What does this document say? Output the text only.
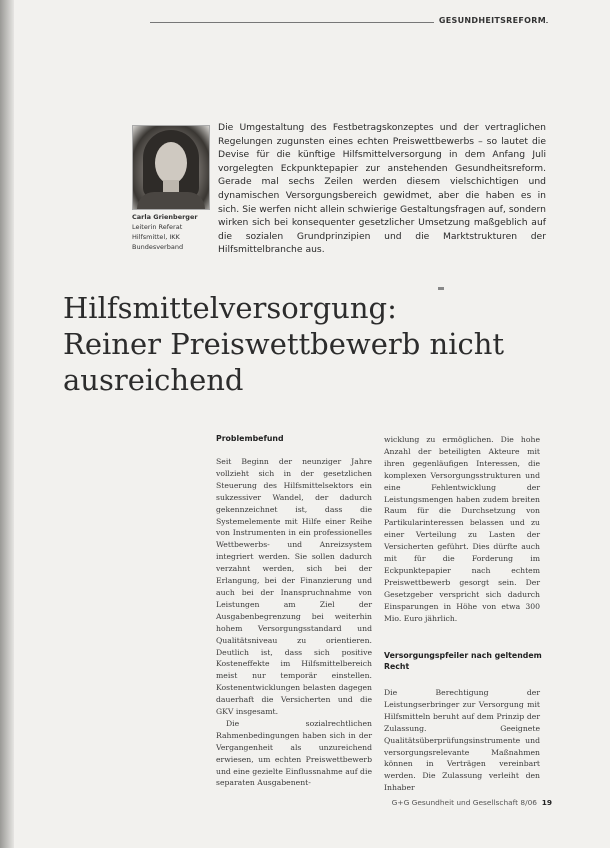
GESUNDHEITSREFORM
Carla Grienberger
Leiterin Referat
Hilfsmittel, IKK
Bundesverband
Die Umgestaltung des Festbetragskonzeptes und der vertraglichen Regelungen zugunsten eines echten Preiswettbewerbs – so lautet die Devise für die künftige Hilfsmittelversorgung in dem Anfang Juli vorgelegten Eckpunktepapier zur anstehenden Gesundheitsreform. Gerade mal sechs Zeilen werden diesem vielschichtigen und dynamischen Versorgungsbereich gewidmet, aber die haben es in sich. Sie werfen nicht allein schwierige Gestaltungsfragen auf, sondern wirken sich bei konsequenter gesetzlicher Umsetzung maßgeblich auf die sozialen Grundprinzipien und die Marktstrukturen der Hilfsmittelbranche aus.
Hilfsmittelversorgung:
Reiner Preiswettbewerb nicht
ausreichend
Problembefund

Seit Beginn der neunziger Jahre vollzieht sich in der gesetzlichen Steuerung des Hilfsmittelsektors ein sukzessiver Wandel, der dadurch gekennzeichnet ist, dass die Systemelemente mit Hilfe einer Reihe von Instrumenten in ein professionelles Wettbewerbs- und Anreizsystem integriert werden. Sie sollen dadurch verzahnt werden, sich bei der Erlangung, bei der Finanzierung und auch bei der Inanspruchnahme von Leistungen am Ziel der Ausgabenbegrenzung bei weiterhin hohem Versorgungsstandard und Qualitätsniveau zu orientieren. Deutlich ist, dass sich positive Kosteneffekte im Hilfsmittelbereich meist nur temporär einstellen. Kostenentwicklungen belasten dagegen dauerhaft die Versicherten und die GKV insgesamt.

Die sozialrechtlichen Rahmenbedingungen haben sich in der Vergangenheit als unzureichend erwiesen, um echten Preiswettbewerb und eine gezielte Einflussnahme auf die separaten Ausgabenent-

wicklung zu ermöglichen. Die hohe Anzahl der beteiligten Akteure mit ihren gegenläufigen Interessen, die komplexen Versorgungsstrukturen und eine Fehlentwicklung der Leistungsmengen haben zudem breiten Raum für die Durchsetzung von Partikularinteressen belassen und zu einer Verteilung zu Lasten der Versicherten geführt. Dies dürfte auch mit für die Forderung im Eckpunktepapier nach echtem Preiswettbewerb gesorgt sein. Der Gesetzgeber verspricht sich dadurch Einsparungen in Höhe von etwa 300 Mio. Euro jährlich.

Versorgungspfeiler nach geltendem Recht

Die Berechtigung der Leistungserbringer zur Versorgung mit Hilfsmitteln beruht auf dem Prinzip der Zulassung. Geeignete Qualitätsüberprüfungsinstrumente und versorgungsrelevante Maßnahmen können in Verträgen vereinbart werden. Die Zulassung verleiht den Inhaber

G+G Gesundheit und Gesellschaft 8/06 19
